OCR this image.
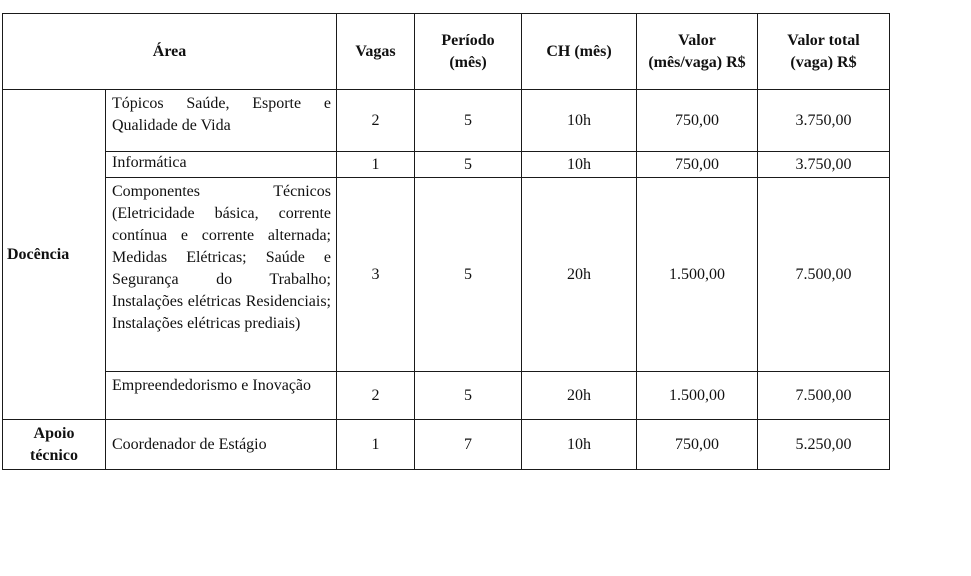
Área		Vagas	Período (mês)	CH (mês)	Valor (mês/vaga) R$	Valor total (vaga) R$
Docência	Tópicos Saúde, Esporte e Qualidade de Vida	2	5	10h	750,00	3.750,00
	Informática	1	5	10h	750,00	3.750,00
	Componentes Técnicos (Eletricidade básica, corrente contínua e corrente alternada; Medidas Elétricas; Saúde e Segurança do Trabalho; Instalações elétricas Residenciais; Instalações elétricas prediais)	3	5	20h	1.500,00	7.500,00
	Empreendedorismo e Inovação	2	5	20h	1.500,00	7.500,00
Apoio técnico	Coordenador de Estágio	1	7	10h	750,00	5.250,00
